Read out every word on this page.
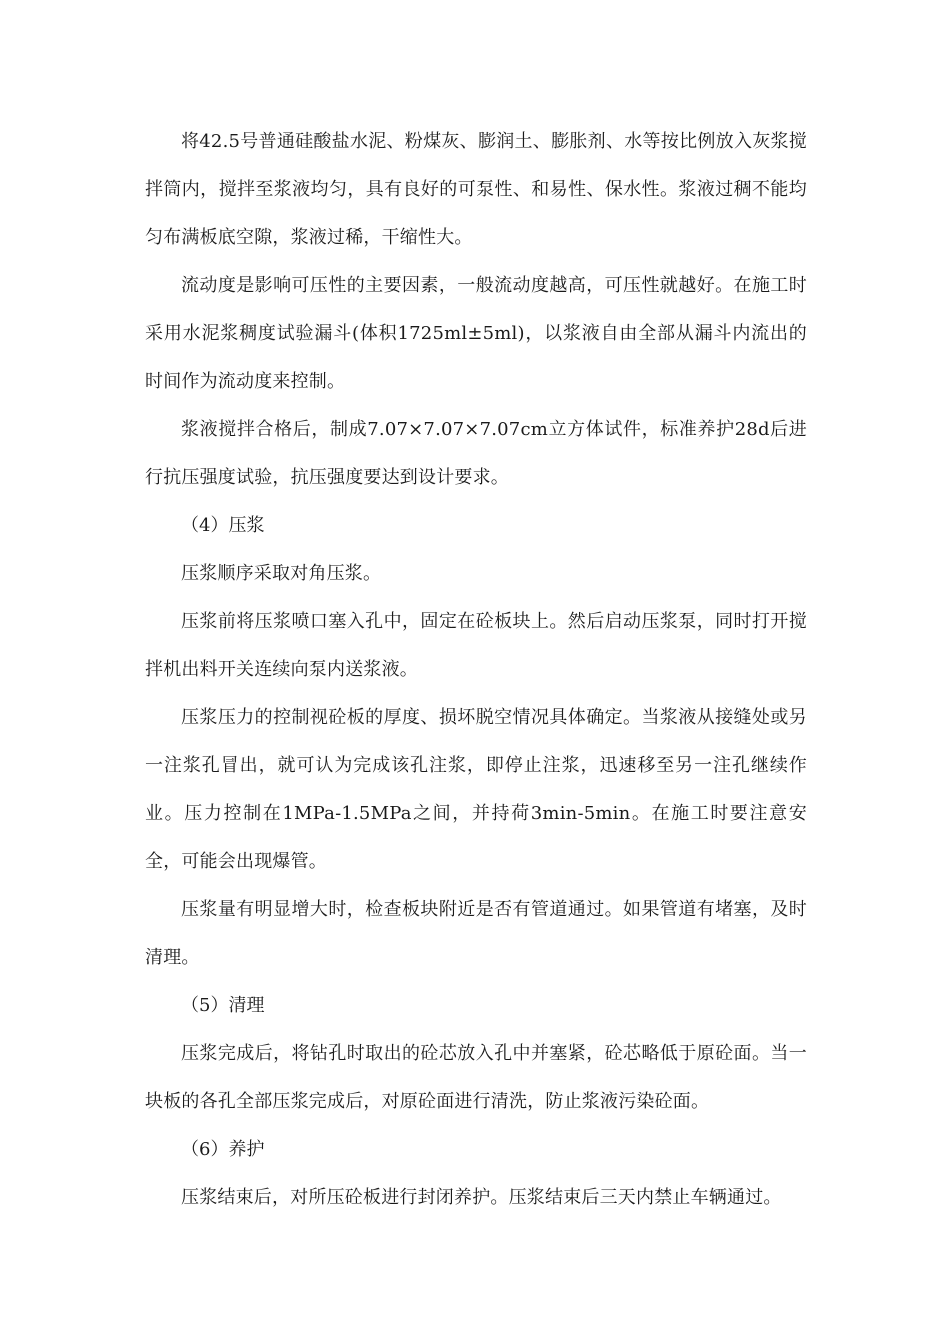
将42.5号普通硅酸盐水泥、粉煤灰、膨润土、膨胀剂、水等按比例放入灰浆搅拌筒内，搅拌至浆液均匀，具有良好的可泵性、和易性、保水性。浆液过稠不能均匀布满板底空隙，浆液过稀，干缩性大。

流动度是影响可压性的主要因素，一般流动度越高，可压性就越好。在施工时采用水泥浆稠度试验漏斗(体积1725ml±5ml)，以浆液自由全部从漏斗内流出的时间作为流动度来控制。

浆液搅拌合格后，制成7.07×7.07×7.07cm立方体试件，标准养护28d后进行抗压强度试验，抗压强度要达到设计要求。

（4）压浆

压浆顺序采取对角压浆。

压浆前将压浆喷口塞入孔中，固定在砼板块上。然后启动压浆泵，同时打开搅拌机出料开关连续向泵内送浆液。

压浆压力的控制视砼板的厚度、损坏脱空情况具体确定。当浆液从接缝处或另一注浆孔冒出，就可认为完成该孔注浆，即停止注浆，迅速移至另一注孔继续作业。压力控制在1MPa-1.5MPa之间，并持荷3min-5min。在施工时要注意安全，可能会出现爆管。

压浆量有明显增大时，检查板块附近是否有管道通过。如果管道有堵塞，及时清理。

（5）清理

压浆完成后，将钻孔时取出的砼芯放入孔中并塞紧，砼芯略低于原砼面。当一块板的各孔全部压浆完成后，对原砼面进行清洗，防止浆液污染砼面。

（6）养护

压浆结束后，对所压砼板进行封闭养护。压浆结束后三天内禁止车辆通过。
